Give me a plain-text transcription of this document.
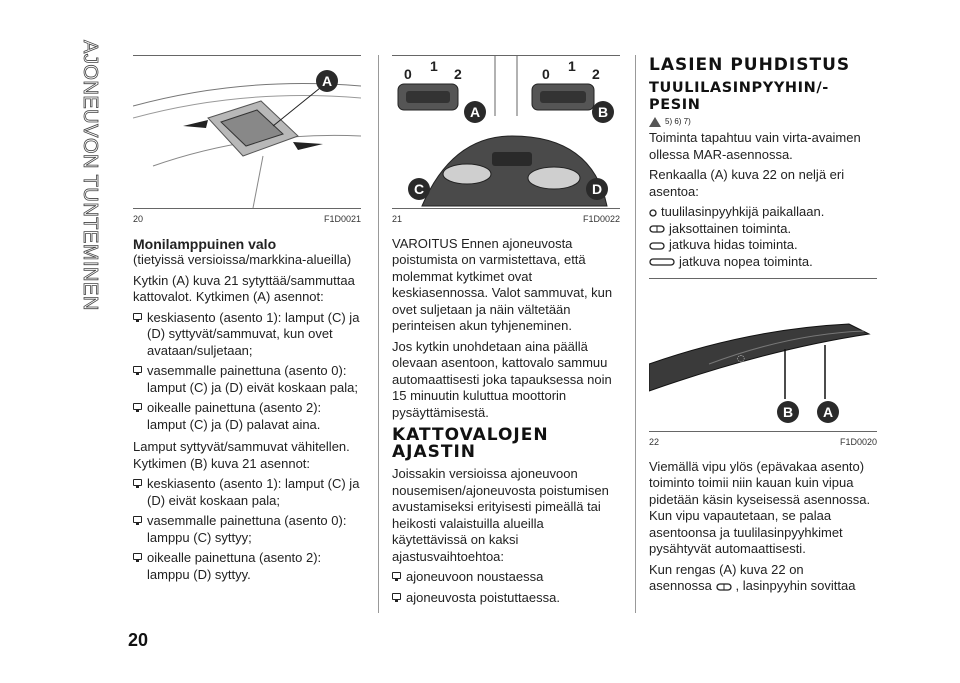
AJONEUVON TUNTEMINEN	A
20	F1D0021
Monilamppuinen valo

(tietyissä versioissa/markkina-alueilla)

Kytkin (A) kuva 21 sytyttää/sammuttaa kattovalot. Kytkimen (A) asennot:

keskiasento (asento 1): lamput (C) ja (D) syttyvät/sammuvat, kun ovet avataan/suljetaan;

vasemmalle painettuna (asento 0): lamput (C) ja (D) eivät koskaan pala;

oikealle painettuna (asento 2): lamput (C) ja (D) palavat aina.

Lamput syttyvät/sammuvat vähitellen. Kytkimen (B) kuva 21 asennot:

keskiasento (asento 1): lamput (C) ja (D) eivät koskaan pala;

vasemmalle painettuna (asento 0): lamppu (C) syttyy;

oikealle painettuna (asento 2): lamppu (D) syttyy.

0 1 2	0 1 2
A	B
C	D
21	F1D0022

VAROITUS Ennen ajoneuvosta poistumista on varmistettava, että molemmat kytkimet ovat keskiasennossa. Valot sammuvat, kun ovet suljetaan ja näin vältetään perinteisen akun tyhjeneminen.

Jos kytkin unohdetaan aina päällä olevaan asentoon, kattovalo sammuu automaattisesti joka tapauksessa noin 15 minuutin kuluttua moottorin pysäyttämisestä.

KATTOVALOJEN AJASTIN

Joissakin versioissa ajoneuvoon nousemisen/ajoneuvosta poistumisen avustamiseksi erityisesti pimeällä tai heikosti valaistuilla alueilla käytettävissä on kaksi ajastusvaihtoehtoa:

ajoneuvoon noustaessa

ajoneuvosta poistuttaessa.

LASIEN PUHDISTUS
TUULILASINPYYHIN/-PESIN
5) 6) 7)

Toiminta tapahtuu vain virta-avaimen ollessa MAR-asennossa.

Renkaalla (A) kuva 22 on neljä eri asentoa:

tuulilasinpyyhkijä paikallaan.

jaksottainen toiminta.

jatkuva hidas toiminta.

jatkuva nopea toiminta.

◌
B	A
22	F1D0020

Viemällä vipu ylös (epävakaa asento) toiminto toimii niin kauan kuin vipua pidetään käsin kyseisessä asennossa. Kun vipu vapautetaan, se palaa asentoonsa ja tuulilasinpyyhkimet pysähtyvät automaattisesti.

Kun rengas (A) kuva 22 on

asennossa , lasinpyyhin sovittaa

20
